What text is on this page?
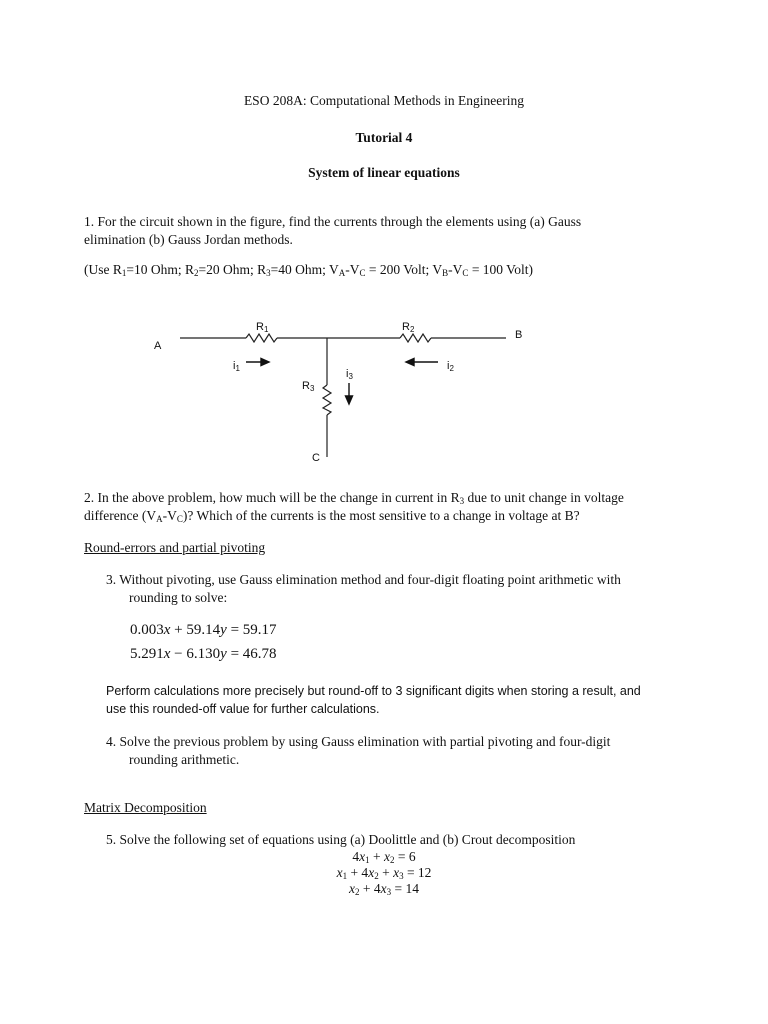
ESO 208A: Computational Methods in Engineering
Tutorial 4
System of linear equations
1. For the circuit shown in the figure, find the currents through the elements using (a) Gauss
elimination (b) Gauss Jordan methods.
(Use $R_1=10$ Ohm; $R_2=20$ Ohm; $R_3=40$ Ohm; $V_A-V_C = 200$ Volt; $V_B-V_C = 100$ Volt)
A
B
C
R1	R2
R3
i1	i2
i3
2. In the above problem, how much will be the change in current in $R_3$ due to unit change in voltage
difference $(V_A-V_C)$? Which of the currents is the most sensitive to a change in voltage at B?
Round-errors and partial pivoting
3. Without pivoting, use Gauss elimination method and four-digit floating point arithmetic with
rounding to solve:
0.003x + 59.14y = 59.17
5.291x − 6.130y = 46.78
Perform calculations more precisely but round-off to 3 significant digits when storing a result, and
use this rounded-off value for further calculations.
4. Solve the previous problem by using Gauss elimination with partial pivoting and four-digit
rounding arithmetic.
Matrix Decomposition
5. Solve the following set of equations using (a) Doolittle and (b) Crout decomposition
$4x_1 + x_2 = 6$
$x_1 + 4x_2 + x_3 = 12$
$x_2 + 4x_3 = 14$
